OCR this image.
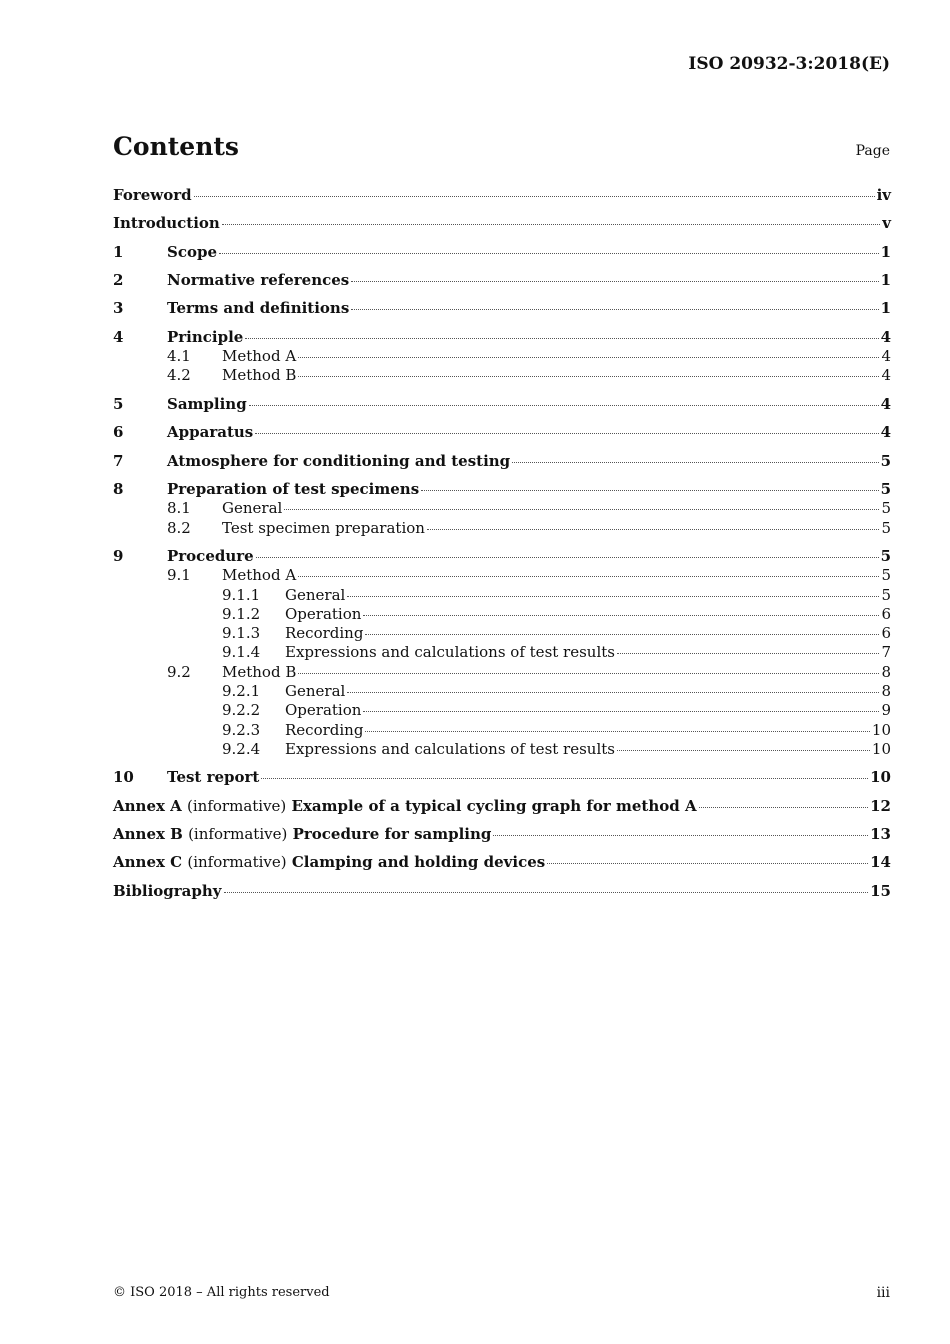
ISO 20932-3:2018(E)
Contents	Page
Foreword	iv
Introduction	v
1	Scope	1
2	Normative references	1
3	Terms and definitions	1
4	Principle	4
4.1	Method A	4
4.2	Method B	4
5	Sampling	4
6	Apparatus	4
7	Atmosphere for conditioning and testing	5
8	Preparation of test specimens	5
8.1	General	5
8.2	Test specimen preparation	5
9	Procedure	5
9.1	Method A	5
9.1.1	General	5
9.1.2	Operation	6
9.1.3	Recording	6
9.1.4	Expressions and calculations of test results	7
9.2	Method B	8
9.2.1	General	8
9.2.2	Operation	9
9.2.3	Recording	10
9.2.4	Expressions and calculations of test results	10
10	Test report	10
Annex A (informative) Example of a typical cycling graph for method A	12
Annex B (informative) Procedure for sampling	13
Annex C (informative) Clamping and holding devices	14
Bibliography	15
© ISO 2018 – All rights reserved	iii
